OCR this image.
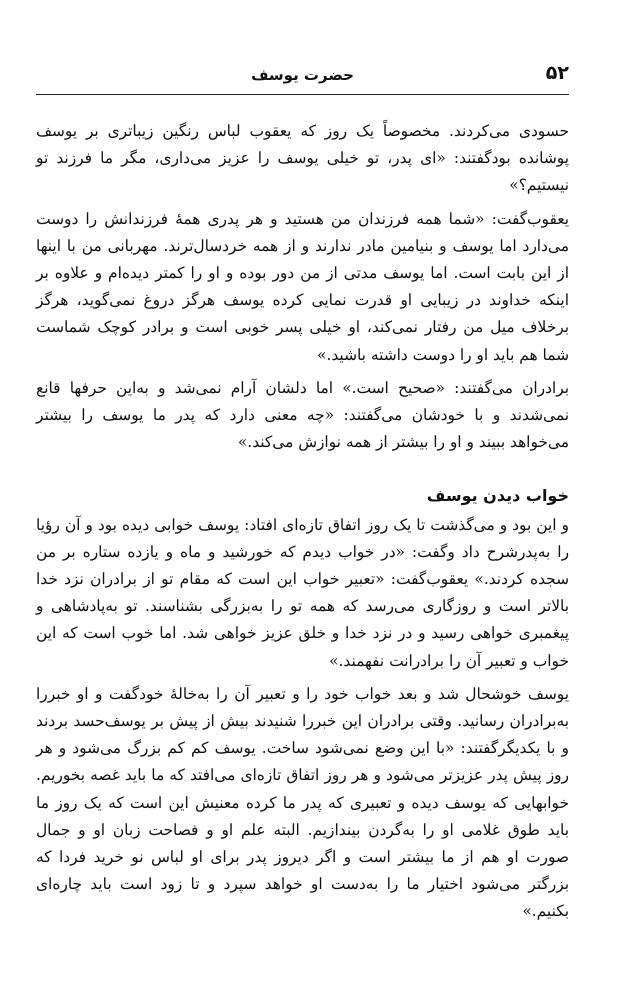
۵۲
حضرت یوسف

حسودی می‌کردند. مخصوصاً یک روز که یعقوب لباس رنگین زیباتری بر یوسف پوشانده بودگفتند: «ای پدر، تو خیلی یوسف را عزیز می‌داری، مگر ما فرزند تو نیستیم؟»

یعقوب‌گفت: «شما همه فرزندان من هستید و هر پدری همهٔ فرزندانش را دوست می‌دارد اما یوسف و بنیامین مادر ندارند و از همه خردسال‌ترند. مهربانی من با اینها از این بابت است. اما یوسف مدتی از من دور بوده و او را کمتر دیده‌ام و علاوه بر اینکه خداوند در زیبایی او قدرت نمایی کرده یوسف هرگز دروغ نمی‌گوید، هرگز برخلاف میل من رفتار نمی‌کند، او خیلی پسر خوبی است و برادر کوچک شماست شما هم باید او را دوست داشته باشید.»

برادران می‌گفتند: «صحیح است.» اما دلشان آرام نمی‌شد و به‌این حرفها قانع نمی‌شدند و با خودشان می‌گفتند: «چه معنی دارد که پدر ما یوسف را بیشتر می‌خواهد ببیند و او را بیشتر از همه نوازش می‌کند.»

خواب دیدن یوسف

و این بود و می‌گذشت تا یک روز اتفاق تازه‌ای افتاد: یوسف خوابی دیده بود و آن رؤیا را به‌پدرشرح داد وگفت: «در خواب دیدم که خورشید و ماه و یازده ستاره بر من سجده کردند.» یعقوب‌گفت: «تعبیر خواب این است که مقام تو از برادران نزد خدا بالاتر است و روزگاری می‌رسد که همه تو را به‌بزرگی بشناسند. تو به‌پادشاهی و پیغمبری خواهی رسید و در نزد خدا و خلق عزیز خواهی شد. اما خوب است که این خواب و تعبیر آن را برادرانت نفهمند.»

یوسف خوشحال شد و بعد خواب خود را و تعبیر آن را به‌خالهٔ خودگفت و او خبررا به‌برادران رسانید. وقتی برادران این خبررا شنیدند بیش از پیش بر یوسف‌حسد بردند و با یکدیگرگفتند: «با این وضع نمی‌شود ساخت. یوسف کم کم بزرگ می‌شود و هر روز پیش پدر عزیزتر می‌شود و هر روز اتفاق تازه‌ای می‌افتد که ما باید غصه بخوریم. خوابهایی که یوسف دیده و تعبیری که پدر ما کرده معنیش این است که یک روز ما باید طوق غلامی او را به‌گردن بیندازیم. البته علم او و فصاحت زبان او و جمال صورت او هم از ما بیشتر است و اگر دیروز پدر برای او لباس نو خرید فردا که بزرگتر می‌شود اختیار ما را به‌دست او خواهد سپرد و تا زود است باید چاره‌ای بکنیم.»
